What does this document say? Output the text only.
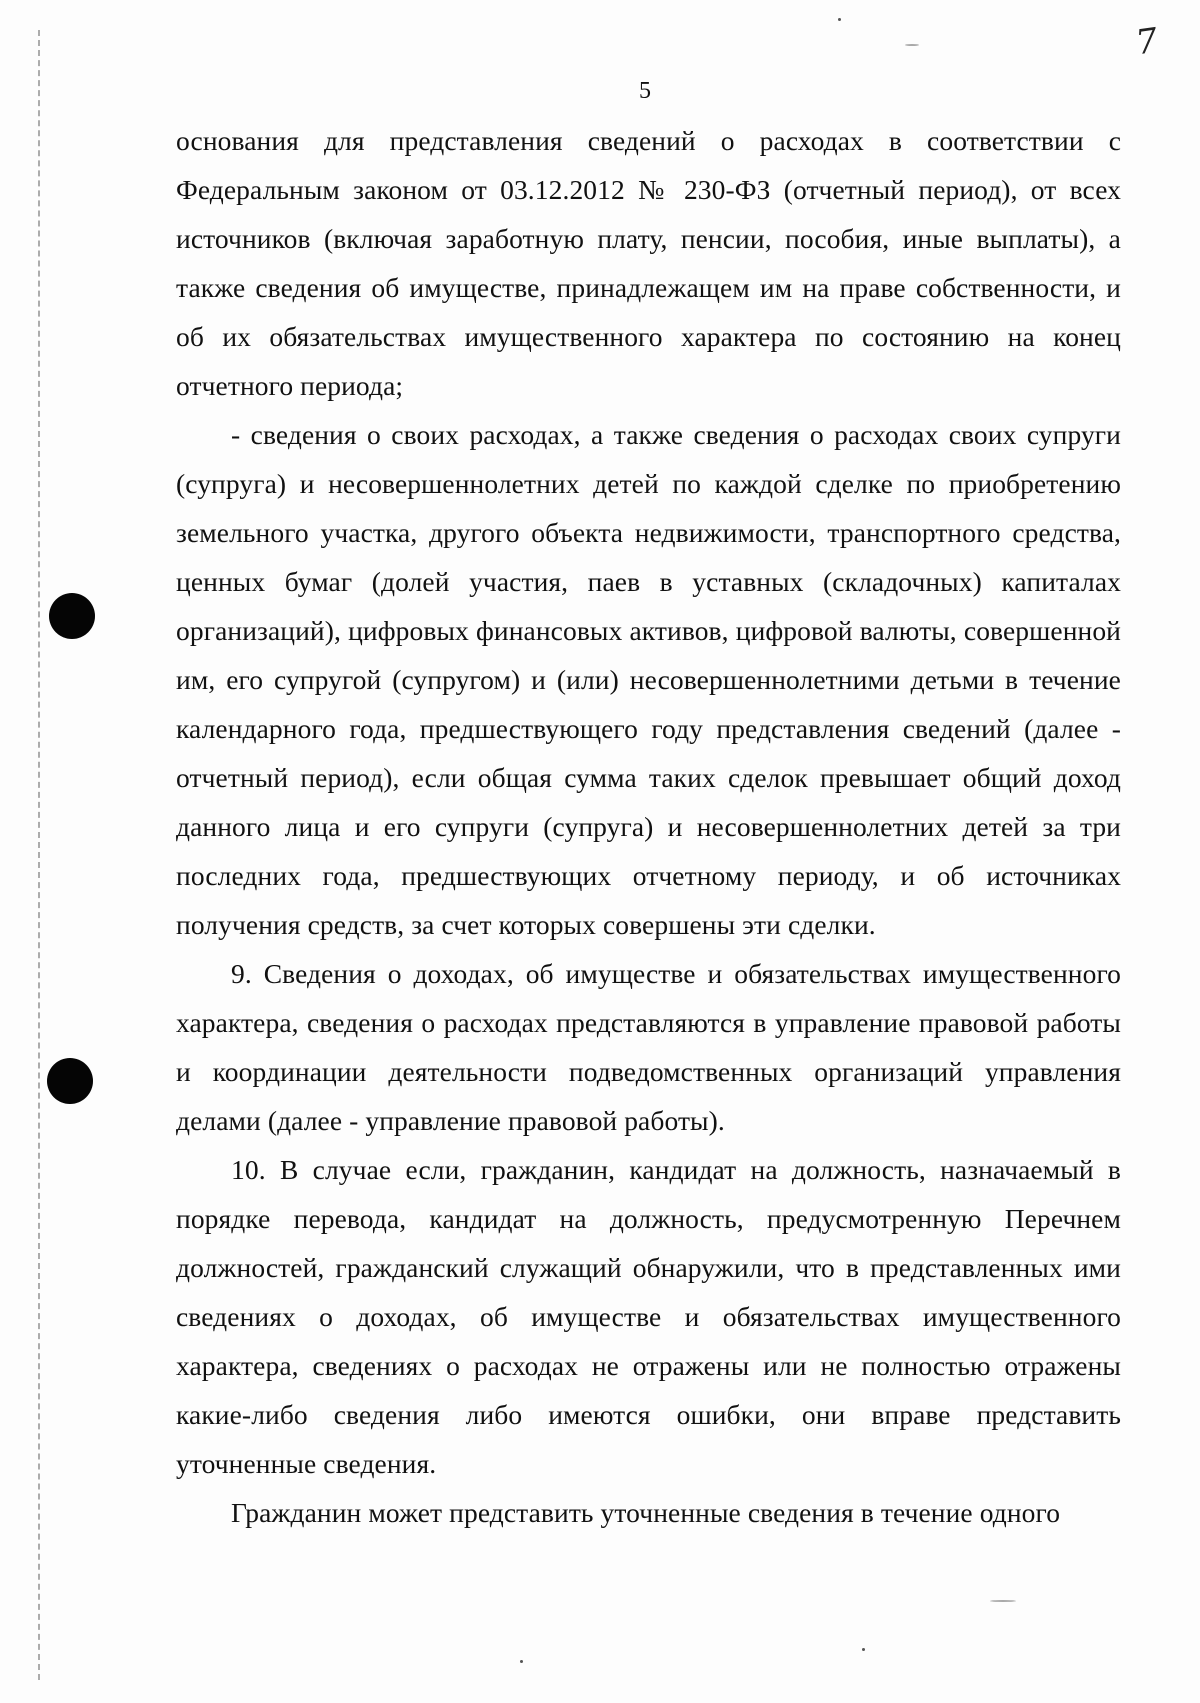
7
5

основания для представления сведений о расходах в соответствии с Федеральным законом от 03.12.2012 № 230-ФЗ (отчетный период), от всех источников (включая заработную плату, пенсии, пособия, иные выплаты), а также сведения об имуществе, принадлежащем им на праве собственности, и об их обязательствах имущественного характера по состоянию на конец отчетного периода;

- сведения о своих расходах, а также сведения о расходах своих супруги (супруга) и несовершеннолетних детей по каждой сделке по приобретению земельного участка, другого объекта недвижимости, транспортного средства, ценных бумаг (долей участия, паев в уставных (складочных) капиталах организаций), цифровых финансовых активов, цифровой валюты, совершенной им, его супругой (супругом) и (или) несовершеннолетними детьми в течение календарного года, предшествующего году представления сведений (далее - отчетный период), если общая сумма таких сделок превышает общий доход данного лица и его супруги (супруга) и несовершеннолетних детей за три последних года, предшествующих отчетному периоду, и об источниках получения средств, за счет которых совершены эти сделки.

9. Сведения о доходах, об имуществе и обязательствах имущественного характера, сведения о расходах представляются в управление правовой работы и координации деятельности подведомственных организаций управления делами (далее - управление правовой работы).

10. В случае если, гражданин, кандидат на должность, назначаемый в порядке перевода, кандидат на должность, предусмотренную Перечнем должностей, гражданский служащий обнаружили, что в представленных ими сведениях о доходах, об имуществе и обязательствах имущественного характера, сведениях о расходах не отражены или не полностью отражены какие-либо сведения либо имеются ошибки, они вправе представить уточненные сведения.

Гражданин может представить уточненные сведения в течение одного
